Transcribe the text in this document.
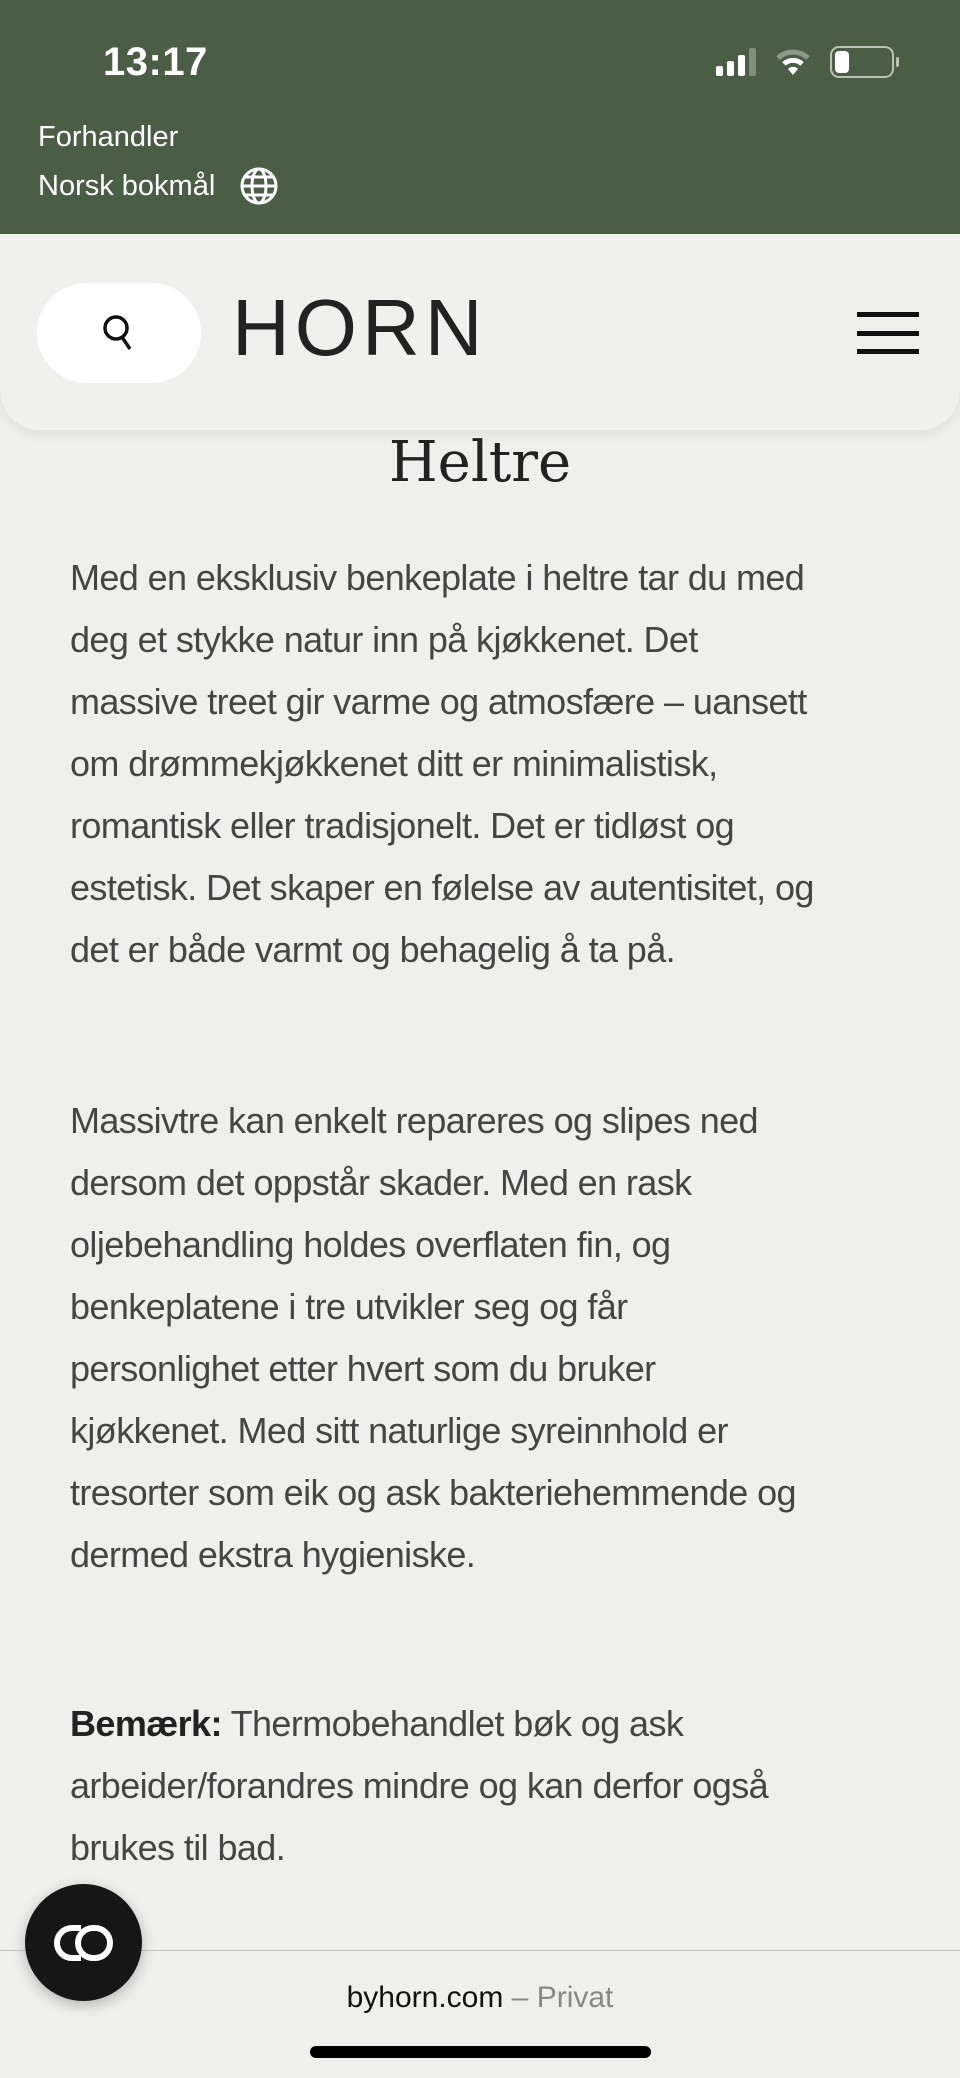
13:17
Forhandler
Norsk bokmål
HORN
Heltre
Med en eksklusiv benkeplate i heltre tar du med
deg et stykke natur inn på kjøkkenet. Det
massive treet gir varme og atmosfære – uansett
om drømmekjøkkenet ditt er minimalistisk,
romantisk eller tradisjonelt. Det er tidløst og
estetisk. Det skaper en følelse av autentisitet, og
det er både varmt og behagelig å ta på.
Massivtre kan enkelt repareres og slipes ned
dersom det oppstår skader. Med en rask
oljebehandling holdes overflaten fin, og
benkeplatene i tre utvikler seg og får
personlighet etter hvert som du bruker
kjøkkenet. Med sitt naturlige syreinnhold er
tresorter som eik og ask bakteriehemmende og
dermed ekstra hygieniske.
Bemærk: Thermobehandlet bøk og ask
arbeider/forandres mindre og kan derfor også
brukes til bad.
byhorn.com – Privat
